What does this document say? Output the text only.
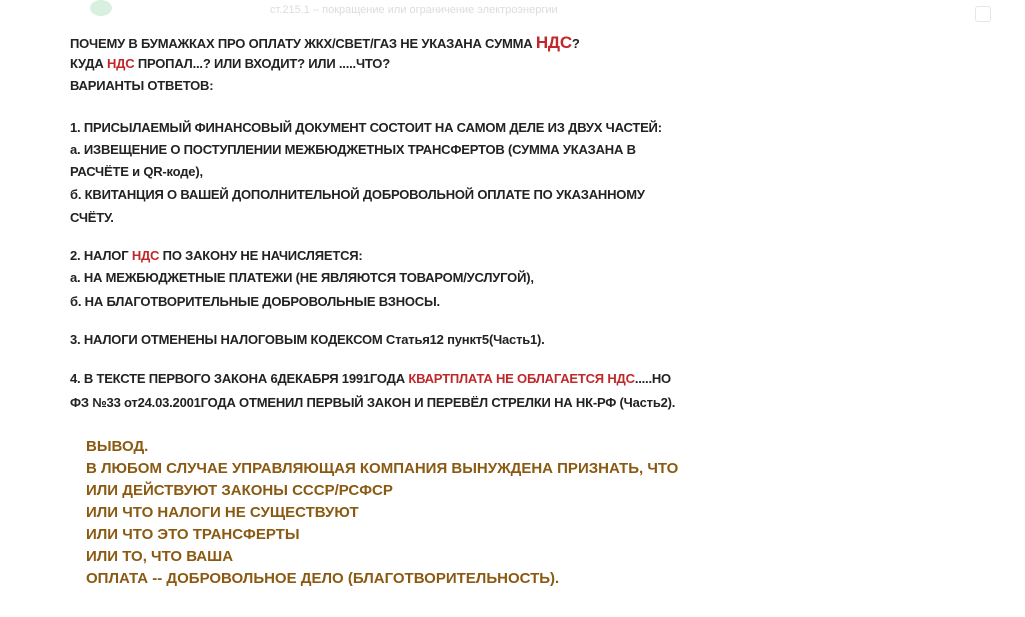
ст.215.1 – покращение или ограничение электроэнергии
ПОЧЕМУ В БУМАЖКАХ ПРО ОПЛАТУ ЖКХ/СВЕТ/ГАЗ НЕ УКАЗАНА СУММА НДС?
КУДА НДС ПРОПАЛ...? ИЛИ ВХОДИТ? ИЛИ .....ЧТО?
ВАРИАНТЫ ОТВЕТОВ:
1. ПРИСЫЛАЕМЫЙ ФИНАНСОВЫЙ ДОКУМЕНТ СОСТОИТ НА САМОМ ДЕЛЕ ИЗ ДВУХ ЧАСТЕЙ:
а. ИЗВЕЩЕНИЕ О ПОСТУПЛЕНИИ МЕЖБЮДЖЕТНЫХ ТРАНСФЕРТОВ (СУММА УКАЗАНА В
РАСЧЁТЕ и QR-коде),
б. КВИТАНЦИЯ О ВАШЕЙ ДОПОЛНИТЕЛЬНОЙ ДОБРОВОЛЬНОЙ ОПЛАТЕ ПО УКАЗАННОМУ
СЧЁТУ.
2. НАЛОГ НДС ПО ЗАКОНУ НЕ НАЧИСЛЯЕТСЯ:
а. НА МЕЖБЮДЖЕТНЫЕ ПЛАТЕЖИ (НЕ ЯВЛЯЮТСЯ ТОВАРОМ/УСЛУГОЙ),
б. НА БЛАГОТВОРИТЕЛЬНЫЕ ДОБРОВОЛЬНЫЕ ВЗНОСЫ.
3. НАЛОГИ ОТМЕНЕНЫ НАЛОГОВЫМ КОДЕКСОМ Статья12 пункт5(Часть1).
4. В ТЕКСТЕ ПЕРВОГО ЗАКОНА 6ДЕКАБРЯ 1991ГОДА КВАРТПЛАТА НЕ ОБЛАГАЕТСЯ НДС.....НО
ФЗ №33 от24.03.2001ГОДА ОТМЕНИЛ ПЕРВЫЙ ЗАКОН И ПЕРЕВЁЛ СТРЕЛКИ НА НК-РФ (Часть2).
ВЫВОД.
В ЛЮБОМ СЛУЧАЕ УПРАВЛЯЮЩАЯ КОМПАНИЯ ВЫНУЖДЕНА ПРИЗНАТЬ, ЧТО
ИЛИ ДЕЙСТВУЮТ ЗАКОНЫ СССР/РСФСР
ИЛИ ЧТО НАЛОГИ НЕ СУЩЕСТВУЮТ
ИЛИ ЧТО ЭТО ТРАНСФЕРТЫ
ИЛИ ТО, ЧТО ВАША
ОПЛАТА -- ДОБРОВОЛЬНОЕ ДЕЛО (БЛАГОТВОРИТЕЛЬНОСТЬ).
